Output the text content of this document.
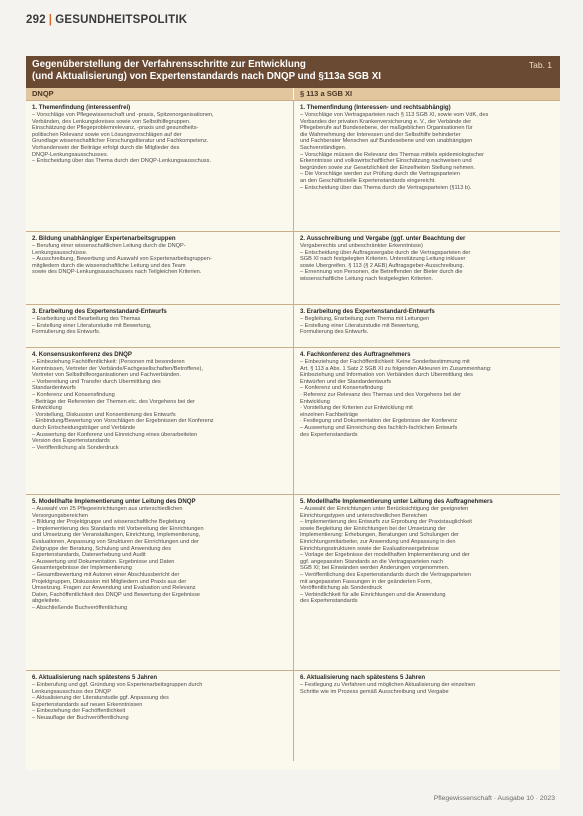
292 | GESUNDHEITSPOLITIK
Gegenüberstellung der Verfahrensschritte zur Entwicklung
(und Aktualisierung) von Expertenstandards nach DNQP und §113a SGB XI
Tab. 1
DNQP	§ 113 a SGB XI
1. Themenfindung (interessenfrei)
– Vorschläge von Pflegewissenschaft und -praxis, Spitzenorganisationen,
Verbänden, des Lenkungskreises sowie von Selbsthilfegruppen.
Einschätzung der Pflegeproblemrelevanz, -praxis und gesundheits-
politischen Relevanz sowie von Lösungsvorschlägen auf der
Grundlage wissenschaftlicher Forschungsliteratur und Fachkompetenz.
Vorhandensein der Beiträge erfolgt durch die Mitglieder des
DNQP-Lenkungsausschusses.
– Entscheidung über das Thema durch den DNQP-Lenkungsausschuss.
1. Themenfindung (Interessen- und rechtsabhängig)
– Vorschläge von Vertragsparteien nach § 113 SGB XI, sowie vom VdK, des
Verbandes der privaten Krankenversicherung e. V., der Verbände der
Pflegeberufe auf Bundesebene, der maßgeblichen Organisationen für
die Wahrnehmung der Interessen und der Selbsthilfe behinderter
und Fachberater Menschen auf Bundesebene und von unabhängigen
Sachverständigen.
– Vorschläge müssen die Relevanz des Themas mittels epidemiologischer
Erkenntnisse und volkswirtschaftlicher Einschätzung nachweisen und
begründen sowie zur Gesetzlichkeit der Einzelheiten Stellung nehmen.
– Die Vorschläge werden zur Prüfung durch die Vertragsparteien
an den Geschäftsstelle Expertenstandards eingereicht.
– Entscheidung über das Thema durch die Vertragsparteien (§113 b).
2. Bildung unabhängiger Expertenarbeitsgruppen
– Berufung einer wissenschaftlichen Leitung durch die DNQP-
Lenkungsausschüsse.
– Ausschreibung, Bewerbung und Auswahl von Expertenarbeitsgruppen-
mitgliedern durch die wissenschaftliche Leitung und des Team
sowie des DNQP-Lenkungsausschusses nach Teilgleichen Kriterien.
2. Ausschreibung und Vergabe (ggf. unter Beachtung der
Vergaberechts und unbeschränkter Erkenntnisse)
– Entscheidung über Auftragsvergabe durch die Vertragsparteien der
SGB XI nach festgelegten Kriterien. Unterstützung Leitung inkluser
sowie Übergreifen. § 113 (§ 2 AEB) Auftragsgeber-Ausschreibung.
– Ernennung von Personen, die Betreffenden der Bieter durch die
wissenschaftliche Leitung nach festgelegten Kriterien.
3. Erarbeitung des Expertenstandard-Entwurfs
– Erarbeitung und Bearbeitung des Themas
– Erstellung einer Literaturstudie mit Bewertung,
Formulierung des Entwurfs.
3. Erarbeitung des Expertenstandard-Entwurfs
– Begleitung, Erarbeitung zum Thema mit Leitungen
– Erstellung einer Literaturstudie mit Bewertung,
Formulierung des Entwurfs.
4. Konsensuskonferenz des DNQP
– Einbeziehung Fachöffentlichkeit: (Personen mit besonderen
Kenntnissen, Vertreter der Verbände/Fachgesellschaften/Betroffene),
Vertreter von Selbsthilfeorganisationen und Fachverbänden.
– Vorbereitung und Transfer durch Übermittlung des
Standardentwurfs
– Konferenz und Konsensfindung
· Beiträge der Referenten der Themen etc. des Vorgehens bei der
Entwicklung
· Vorstellung, Diskussion und Konsentierung des Entwurfs
· Einbindung/Bewertung von Vorschlägen der Ergebnissen der Konferenz
durch Entscheidungsträger und Verbände
– Auswertung der Konferenz und Einreichung eines überarbeiteten
Version des Expertenstandards
– Veröffentlichung als Sonderdruck
4. Fachkonferenz des Auftragnehmers
– Einbeziehung der Fachöffentlichkeit: Keine Sonderbestimmung mit
Art. § 113 a Abs. 1 Satz 2 SGB XI zu folgenden Akteuren im Zusammenhang:
Einbeziehung und Information von Verbänden durch Übermittlung des
Entwürfen und der Standardentwurfs
– Konferenz und Konsensfindung
· Referenz zur Relevanz des Themas und des Vorgehens bei der
Entwicklung
· Vorstellung der Kriterien zur Entwicklung mit
einzelnen Fachbeiträge
· Festlegung und Dokumentation der Ergebnisse der Konferenz
– Auswertung und Einreichung des fachlich-fachlichen Entwurfs
des Expertenstandards
5. Modellhafte Implementierung unter Leitung des DNQP
– Auswahl von 25 Pflegeeinrichtungen aus unterschiedlichen
Versorgungsbereichen
– Bildung der Projektgruppe und wissenschaftliche Begleitung
– Implementierung des Standards mit Vorbereitung der Einrichtungen
und Umsetzung der Veranstaltungen, Einrichtung, Implementierung,
Evaluationen, Anpassung von Strukturen der Einrichtungen und der
Zielgruppe der Beratung, Schulung und Anwendung des
Expertenstandards, Datenerhebung und Audit
– Auswertung und Dokumentation. Ergebnisse und Daten
Gesamtergebnisse der Implementierung
– Gesamtbewertung mit Autoren einer Abschlussbericht der
Projektgruppen, Diskussion mit Mitgliedern und Praxis aus der
Umsetzung. Fragen zur Anwendung und Evaluation und Relevanz
Daten, Fachöffentlichkeit des DNQP und Bewertung der Ergebnisse
abgeleitete.
– Abschließende Buchveröffentlichung
5. Modellhafte Implementierung unter Leitung des Auftragnehmers
– Auswahl der Einrichtungen unter Berücksichtigung der geeigneten
Einrichtungstypen und unterschiedlichen Bereichen
– Implementierung des Entwurfs zur Erprobung der Praxistauglichkeit
sowie Begleitung der Einrichtungen bei der Umsetzung der
Implementierung: Erhebungen, Beratungen und Schulungen der
Einrichtungsmitarbeiter, zur Anwendung und Anpassung in den
Einrichtungsstrukturen sowie der Evaluationsergebnisse
– Vorlage der Ergebnisse der modellhaften Implementierung und der
ggf. angepassten Standards an die Vertragsparteien nach
SGB XI; bei Einwänden werden Änderungen vorgenommen.
– Veröffentlichung des Expertenstandards durch die Vertragsparteien
mit angepassten Fassungen in der geänderten Form,
Veröffentlichung als Sonderdruck
– Verbindlichkeit für alle Einrichtungen und die Anwendung
des Expertenstandards
6. Aktualisierung nach spätestens 5 Jahren
– Einberufung und ggf. Gründung von Expertenarbeitsgruppen durch
Lenkungsausschuss des DNQP
– Aktualisierung der Literaturstudie ggf. Anpassung des
Expertenstandards auf neuen Erkenntnissen
– Einbeziehung der Fachöffentlichkeit
– Neuauflage der Buchveröffentlichung
6. Aktualisierung nach spätestens 5 Jahren
– Festlegung zu Verfahren und möglichen Aktualisierung der einzelnen
Schritte wie im Prozess gemäß Ausschreibung und Vergabe
Pflegewissenschaft · Ausgabe 10 · 2023
